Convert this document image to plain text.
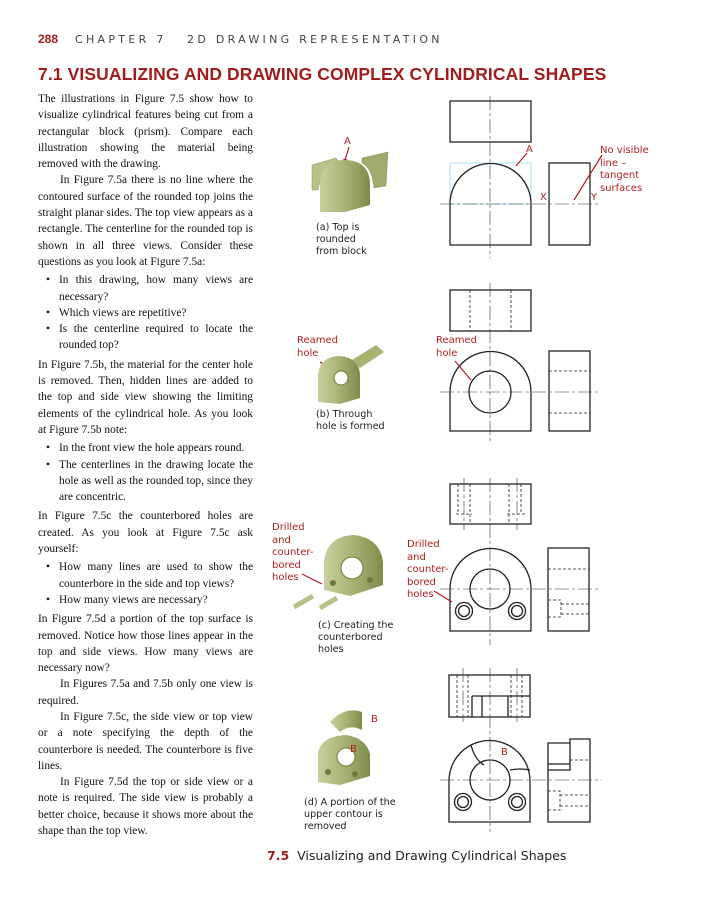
288 CHAPTER 7 2D DRAWING REPRESENTATION
7.1 VISUALIZING AND DRAWING COMPLEX CYLINDRICAL SHAPES

The illustrations in Figure 7.5 show how to visualize cylindrical features being cut from a rectangular block (prism). Compare each illustration showing the material being removed with the drawing.

In Figure 7.5a there is no line where the contoured surface of the rounded top joins the straight planar sides. The top view appears as a rectangle. The centerline for the rounded top is shown in all three views. Consider these questions as you look at Figure 7.5a:

• In this drawing, how many views are necessary?
• Which views are repetitive?
• Is the centerline required to locate the rounded top?

In Figure 7.5b, the material for the center hole is removed. Then, hidden lines are added to the top and side view showing the limiting elements of the cylindrical hole. As you look at Figure 7.5b note:

• In the front view the hole appears round.
• The centerlines in the drawing locate the hole as well as the rounded top, since they are concentric.

In Figure 7.5c the counterbored holes are created. As you look at Figure 7.5c ask yourself:

• How many lines are used to show the counterbore in the side and top views?
• How many views are necessary?

In Figure 7.5d a portion of the top surface is removed. Notice how those lines appear in the top and side views. How many views are necessary now?

In Figures 7.5a and 7.5b only one view is required.

In Figure 7.5c, the side view or top view or a note specifying the depth of the counterbore is needed. The counterbore is five lines.

In Figure 7.5d the top or side view or a note is required. The side view is probably a better choice, because it shows more about the shape than the top view.

A
A	No visible line – tangent surfaces
X	Y
(a) Top is rounded from block
Reamed hole
Reamed hole
(b) Through hole is formed
Drilled and counter-bored holes
Drilled and counter-bored holes
(c) Creating the counterbored holes
B
B	B
(d) A portion of the upper contour is removed
7.5 Visualizing and Drawing Cylindrical Shapes
